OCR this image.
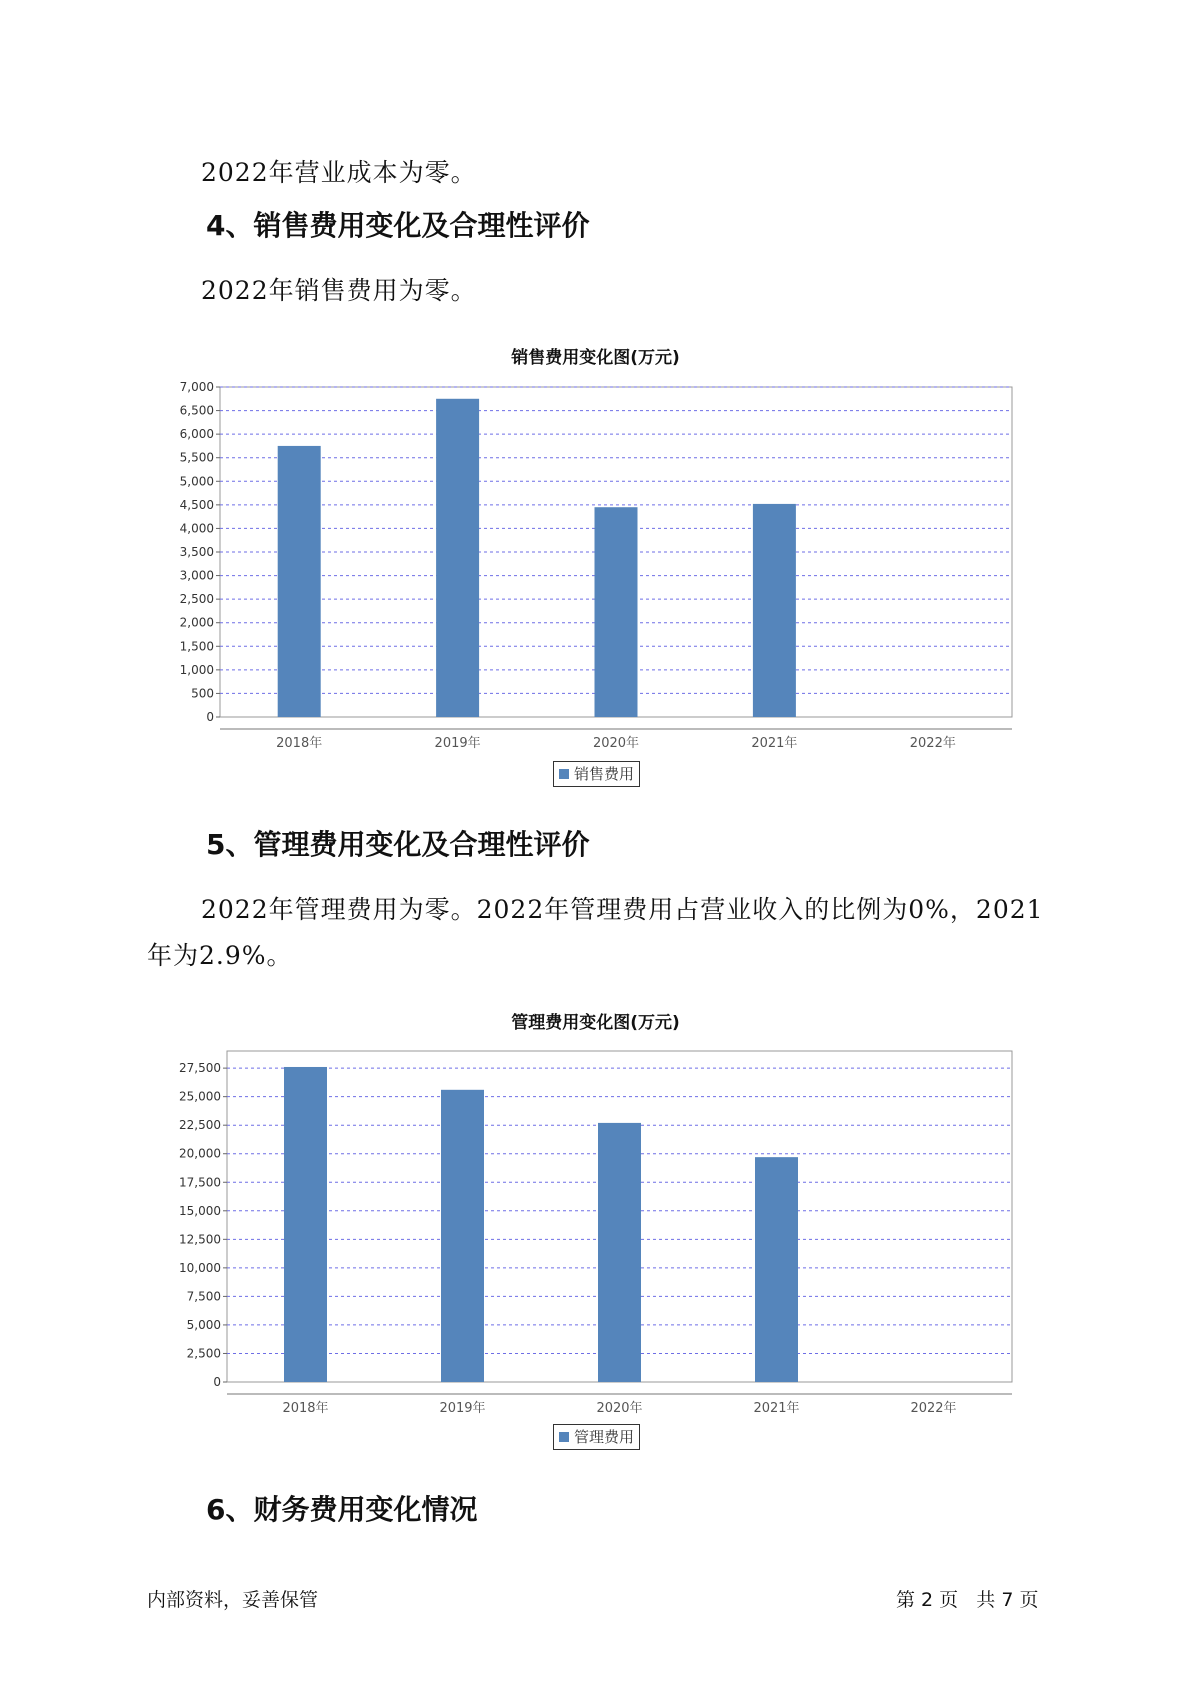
2022年营业成本为零。
4、销售费用变化及合理性评价
2022年销售费用为零。
销售费用变化图(万元)
0
500
1,000
1,500
2,000
2,500
3,000
3,500
4,000
4,500
5,000
5,500
6,000
6,500
7,000
2018年	2019年	2020年	2021年	2022年
销售费用
5、管理费用变化及合理性评价
2022年管理费用为零。2022年管理费用占营业收入的比例为0%，2021年为2.9%。
管理费用变化图(万元)
0
2,500
5,000
7,500
10,000
12,500
15,000
17,500
20,000
22,500
25,000
27,500
2018年	2019年	2020年	2021年	2022年
管理费用
6、财务费用变化情况
内部资料，妥善保管	第 2 页   共 7 页
